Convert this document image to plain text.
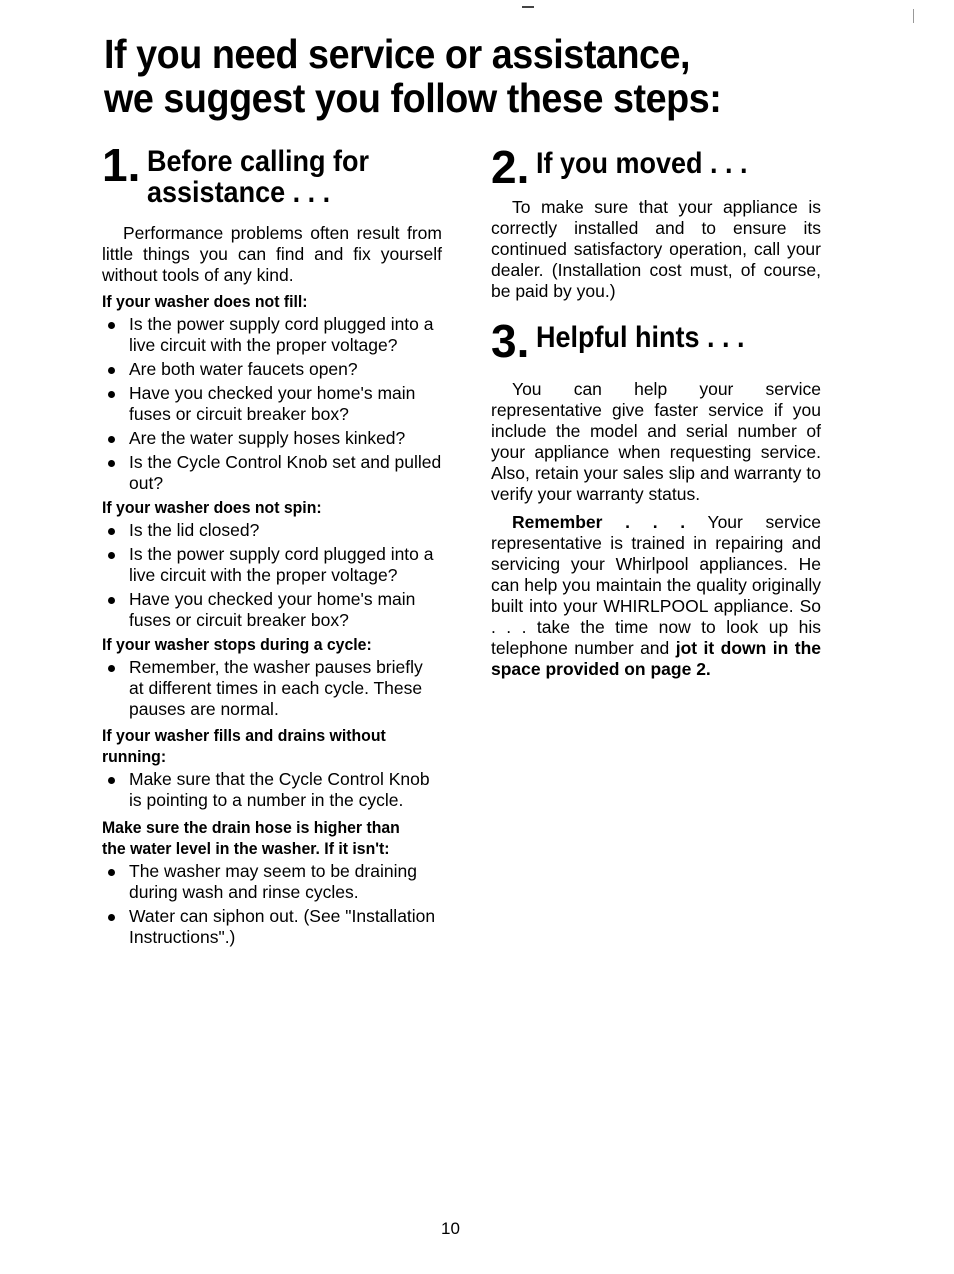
If you need service or assistance,
we suggest you follow these steps:
1. Before calling for
assistance . . .

Performance problems often result from little things you can find and fix yourself without tools of any kind.

If your washer does not fill:
Is the power supply cord plugged into a live circuit with the proper voltage?
Are both water faucets open?
Have you checked your home's main fuses or circuit breaker box?
Are the water supply hoses kinked?
Is the Cycle Control Knob set and pulled out?
If your washer does not spin:
Is the lid closed?
Is the power supply cord plugged into a live circuit with the proper voltage?
Have you checked your home's main fuses or circuit breaker box?
If your washer stops during a cycle:
Remember, the washer pauses briefly at different times in each cycle. These pauses are normal.
If your washer fills and drains without
running:
Make sure that the Cycle Control Knob is pointing to a number in the cycle.
Make sure the drain hose is higher than
the water level in the washer. If it isn't:
The washer may seem to be draining during wash and rinse cycles.
Water can siphon out. (See "Installation Instructions".)
2. If you moved . . .

To make sure that your appliance is correctly installed and to ensure its continued satisfactory operation, call your dealer. (Installation cost must, of course, be paid by you.)

3. Helpful hints . . .

You can help your service representative give faster service if you include the model and serial number of your appliance when requesting service. Also, retain your sales slip and warranty to verify your warranty status.

Remember . . . Your service representative is trained in repairing and servicing your Whirlpool appliances. He can help you maintain the quality originally built into your WHIRLPOOL appliance. So . . . take the time now to look up his telephone number and jot it down in the space provided on page 2.

10
